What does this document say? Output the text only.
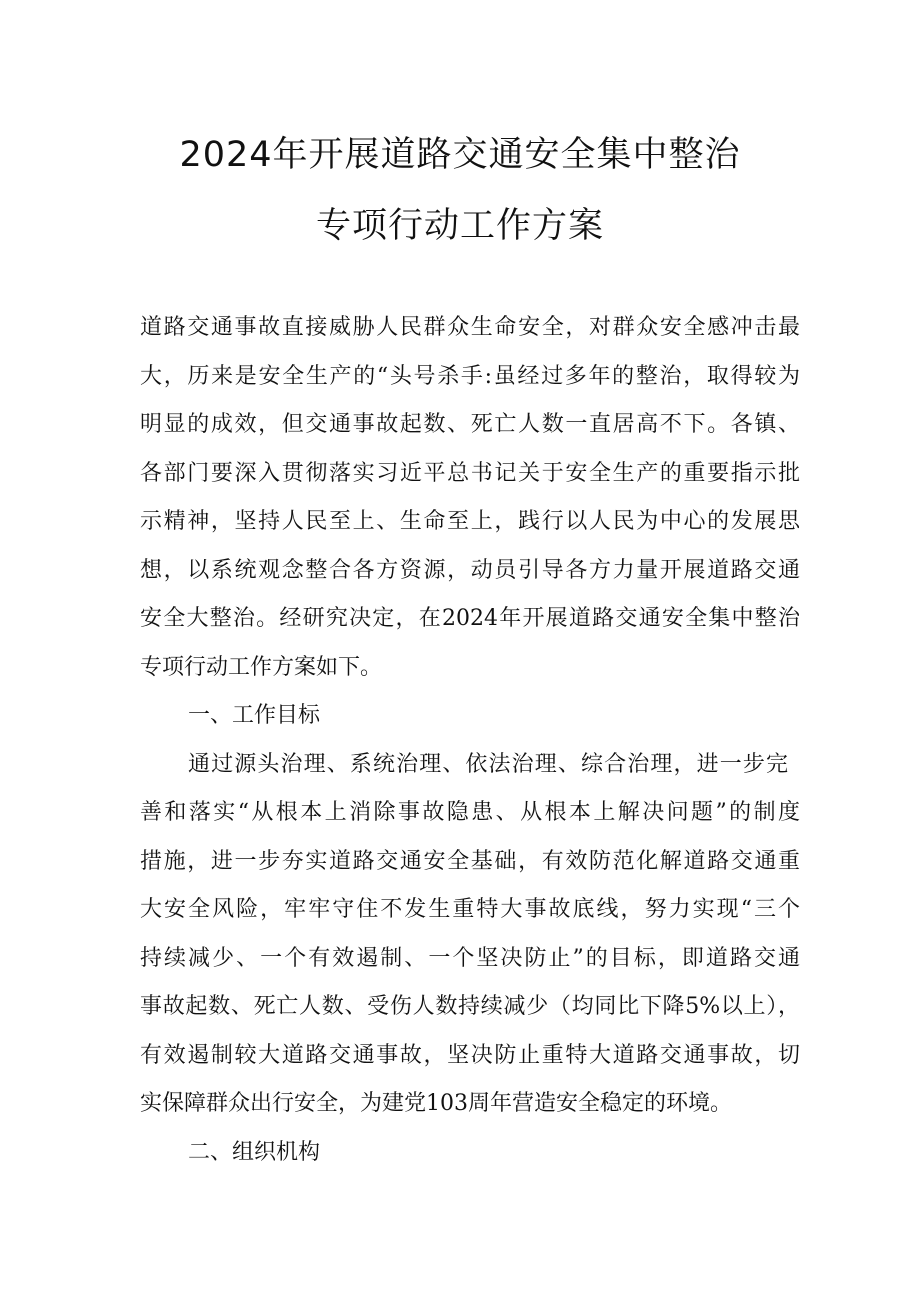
2024年开展道路交通安全集中整治
专项行动工作方案
道路交通事故直接威胁人民群众生命安全，对群众安全感冲击最
大，历来是安全生产的“头号杀手:虽经过多年的整治，取得较为
明显的成效，但交通事故起数、死亡人数一直居高不下。各镇、
各部门要深入贯彻落实习近平总书记关于安全生产的重要指示批
示精神，坚持人民至上、生命至上，践行以人民为中心的发展思
想，以系统观念整合各方资源，动员引导各方力量开展道路交通
安全大整治。经研究决定，在2024年开展道路交通安全集中整治
专项行动工作方案如下。
一、工作目标
通过源头治理、系统治理、依法治理、综合治理，进一步完
善和落实“从根本上消除事故隐患、从根本上解决问题”的制度
措施，进一步夯实道路交通安全基础，有效防范化解道路交通重
大安全风险，牢牢守住不发生重特大事故底线，努力实现“三个
持续减少、一个有效遏制、一个坚决防止”的目标，即道路交通
事故起数、死亡人数、受伤人数持续减少（均同比下降5%以上），
有效遏制较大道路交通事故，坚决防止重特大道路交通事故，切
实保障群众出行安全，为建党103周年营造安全稳定的环境。
二、组织机构
